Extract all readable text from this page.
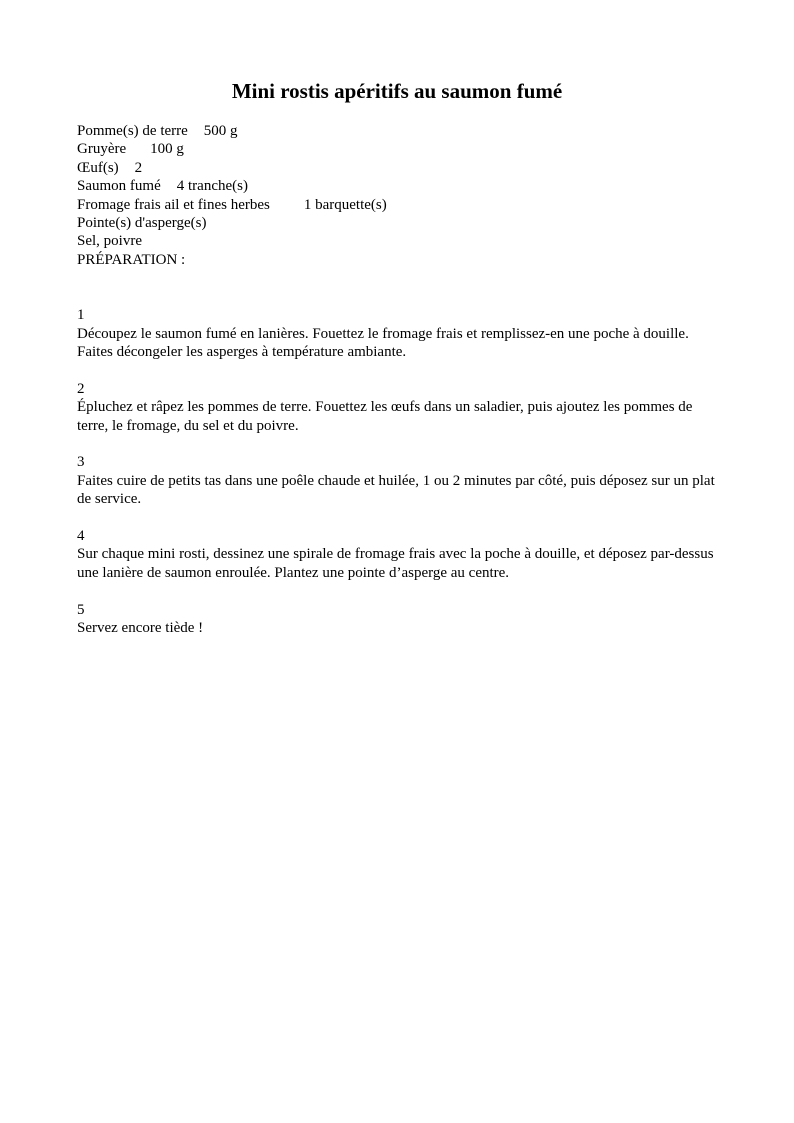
Mini rostis apéritifs au saumon fumé
Pomme(s) de terre 500 g
Gruyère 100 g
Œuf(s) 2
Saumon fumé 4 tranche(s)
Fromage frais ail et fines herbes 1 barquette(s)
Pointe(s) d'asperge(s)
Sel, poivre
PRÉPARATION :
1
Découpez le saumon fumé en lanières. Fouettez le fromage frais et remplissez-en une poche à douille. Faites décongeler les asperges à température ambiante.
2
Épluchez et râpez les pommes de terre. Fouettez les œufs dans un saladier, puis ajoutez les pommes de terre, le fromage, du sel et du poivre.
3
Faites cuire de petits tas dans une poêle chaude et huilée, 1 ou 2 minutes par côté, puis déposez sur un plat de service.
4
Sur chaque mini rosti, dessinez une spirale de fromage frais avec la poche à douille, et déposez par-dessus une lanière de saumon enroulée. Plantez une pointe d’asperge au centre.
5
Servez encore tiède !
